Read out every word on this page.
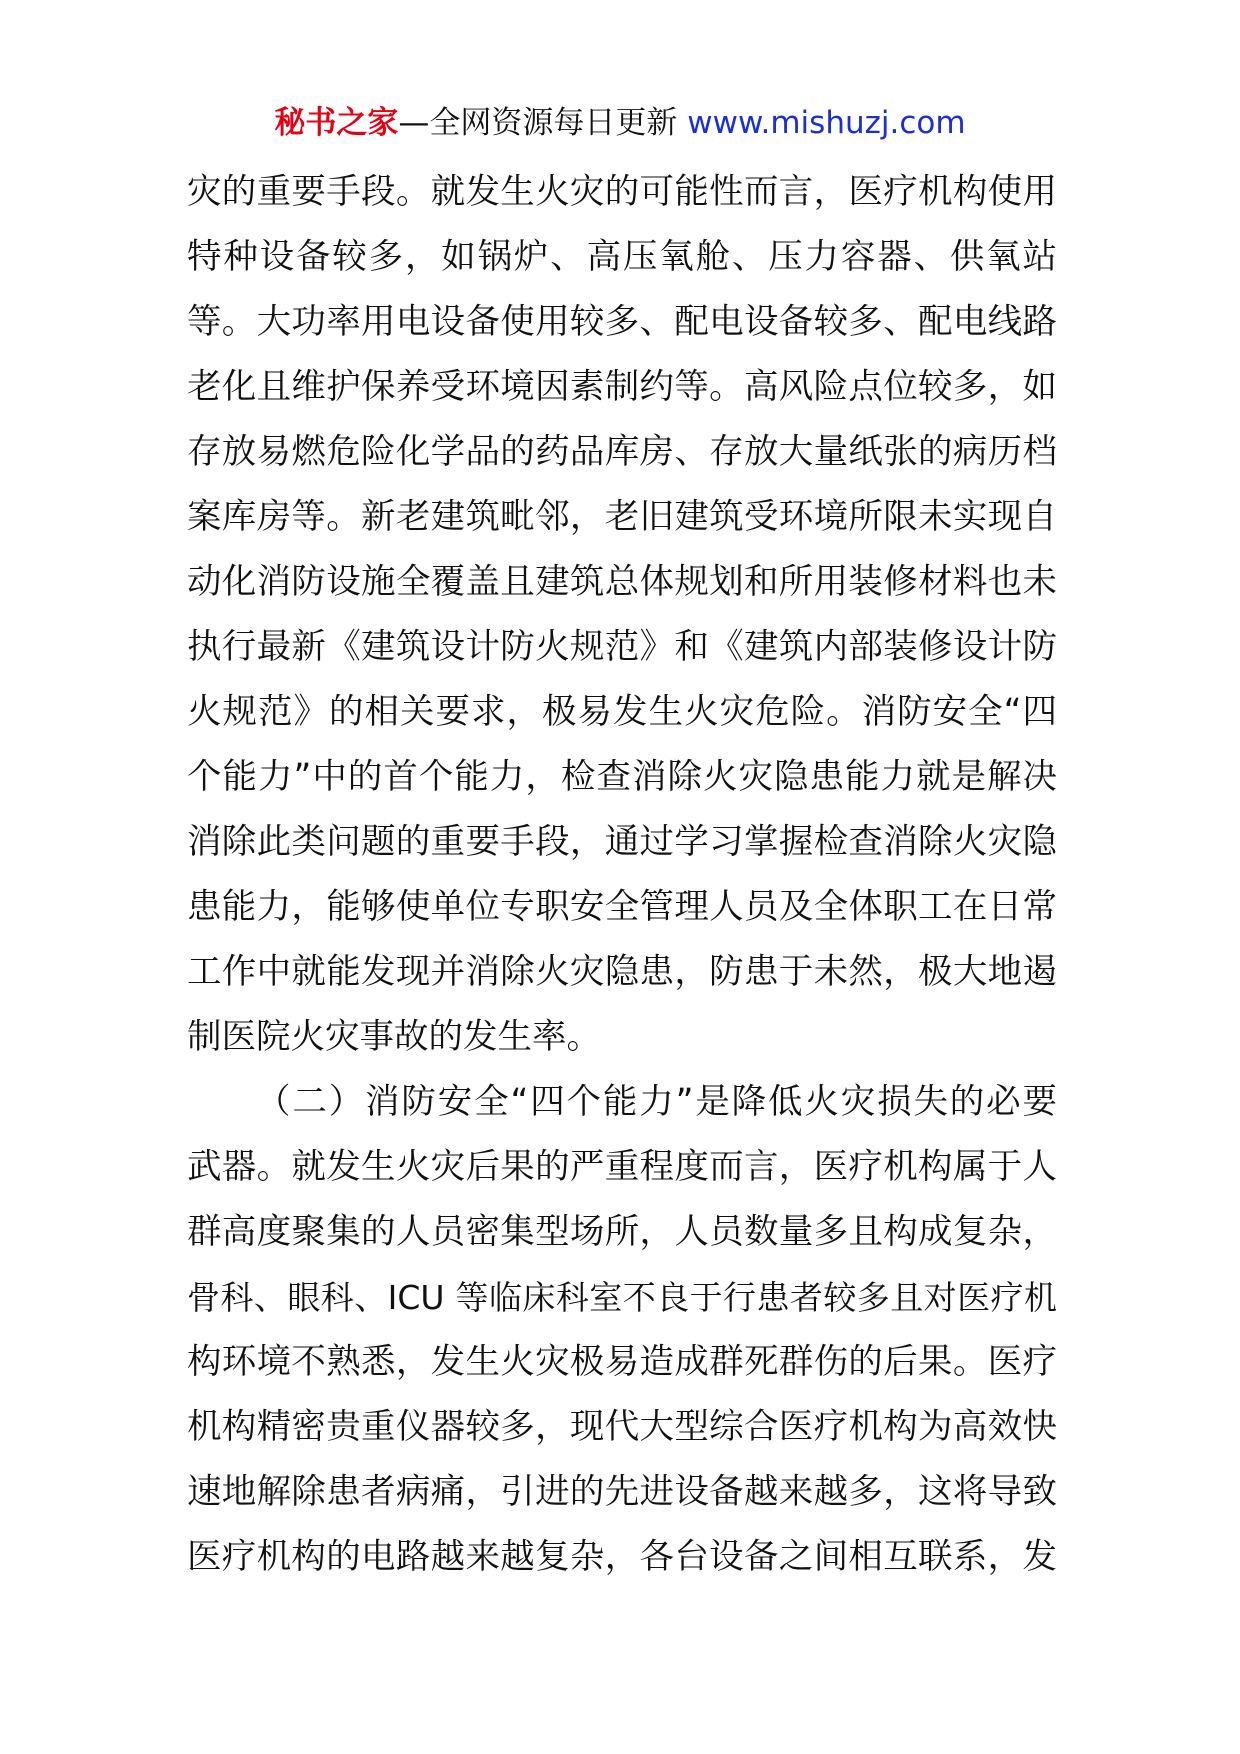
秘书之家—全网资源每日更新 www.mishuzj.com
灾的重要手段。就发生火灾的可能性而言，医疗机构使用
特种设备较多，如锅炉、高压氧舱、压力容器、供氧站
等。大功率用电设备使用较多、配电设备较多、配电线路
老化且维护保养受环境因素制约等。高风险点位较多，如
存放易燃危险化学品的药品库房、存放大量纸张的病历档
案库房等。新老建筑毗邻，老旧建筑受环境所限未实现自
动化消防设施全覆盖且建筑总体规划和所用装修材料也未
执行最新《建筑设计防火规范》和《建筑内部装修设计防
火规范》的相关要求，极易发生火灾危险。消防安全“四
个能力”中的首个能力，检查消除火灾隐患能力就是解决
消除此类问题的重要手段，通过学习掌握检查消除火灾隐
患能力，能够使单位专职安全管理人员及全体职工在日常
工作中就能发现并消除火灾隐患，防患于未然，极大地遏
制医院火灾事故的发生率。
（二）消防安全“四个能力”是降低火灾损失的必要
武器。就发生火灾后果的严重程度而言，医疗机构属于人
群高度聚集的人员密集型场所，人员数量多且构成复杂，
骨科、眼科、ICU 等临床科室不良于行患者较多且对医疗机
构环境不熟悉，发生火灾极易造成群死群伤的后果。医疗
机构精密贵重仪器较多，现代大型综合医疗机构为高效快
速地解除患者病痛，引进的先进设备越来越多，这将导致
医疗机构的电路越来越复杂，各台设备之间相互联系，发
